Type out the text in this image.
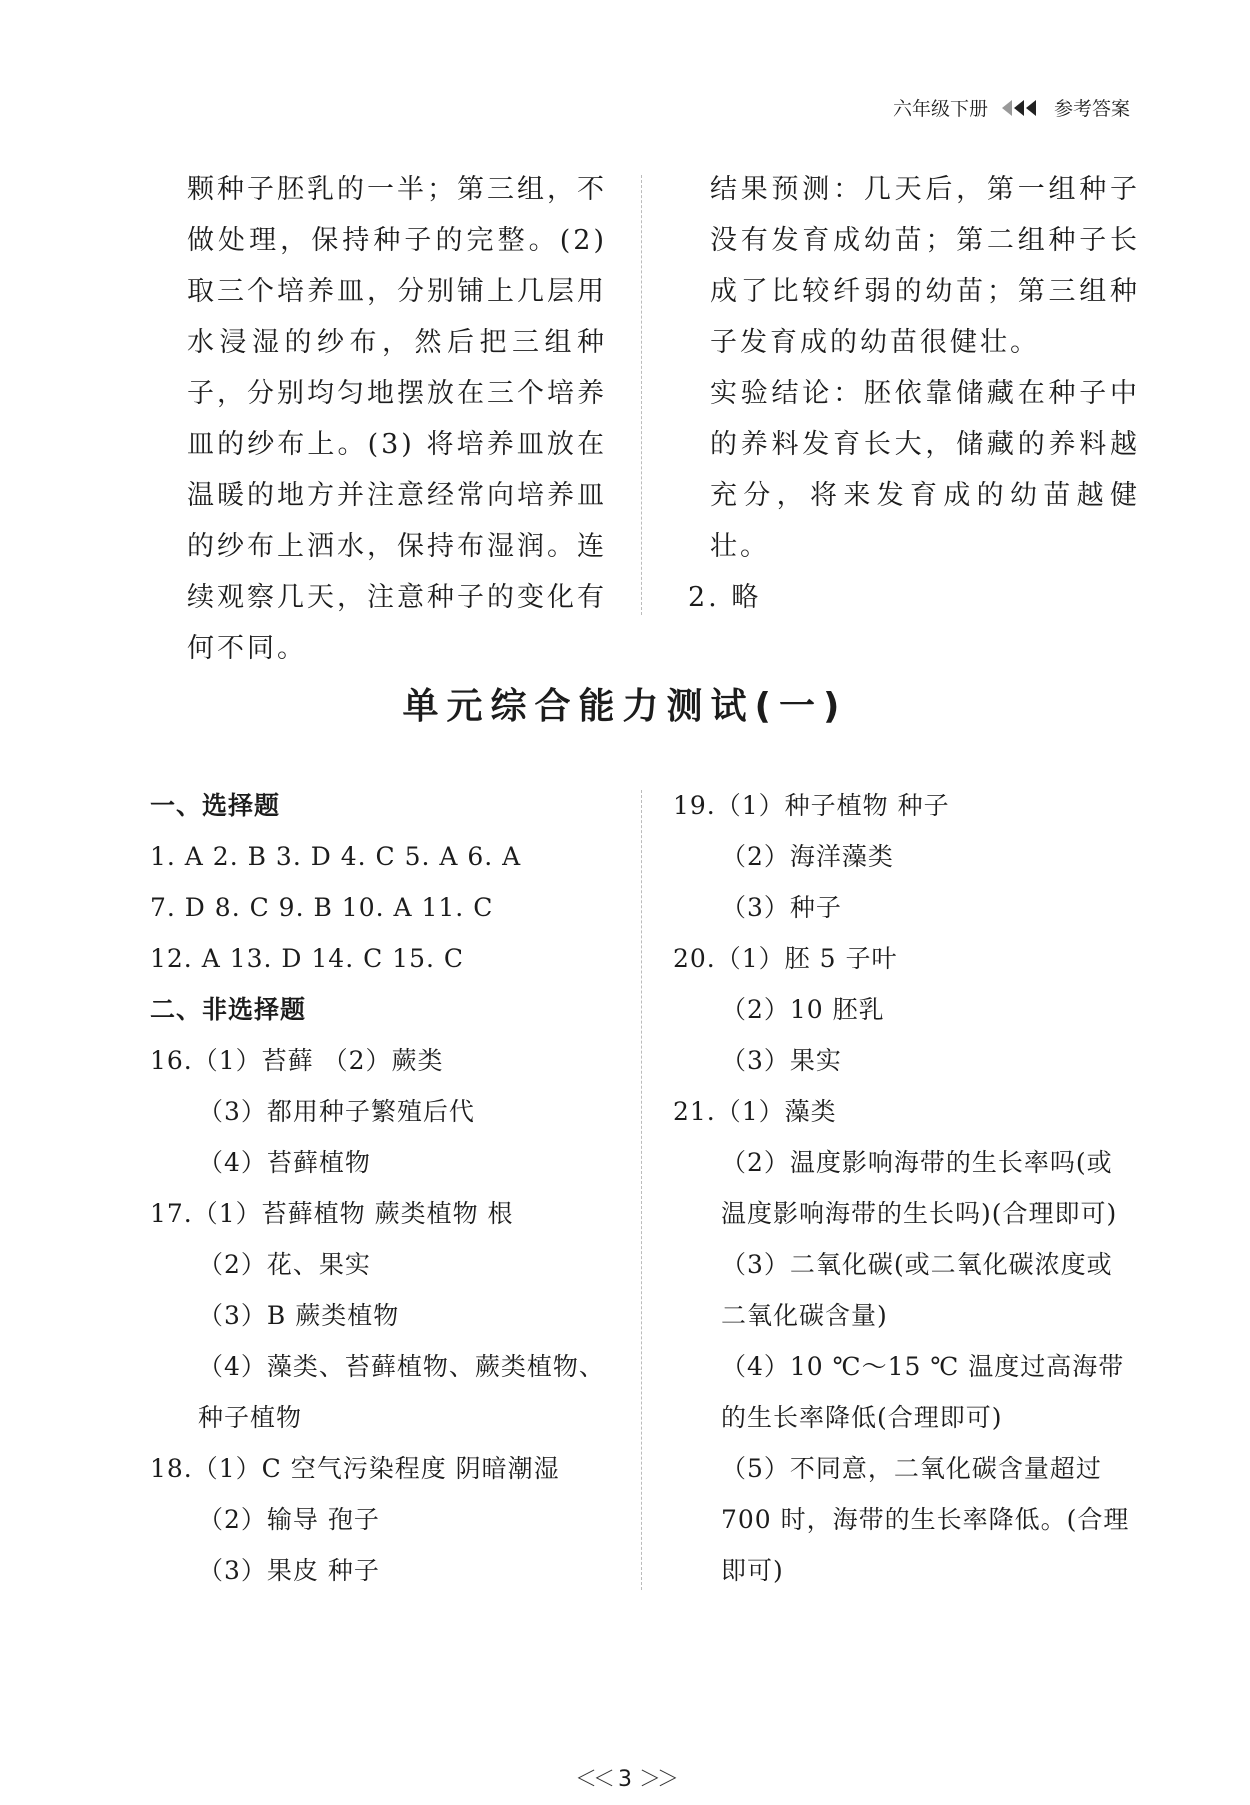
六年级下册	参考答案

颗种子胚乳的一半；第三组，不做处理，保持种子的完整。(2) 取三个培养皿，分别铺上几层用水浸湿的纱布，然后把三组种子，分别均匀地摆放在三个培养皿的纱布上。(3) 将培养皿放在温暖的地方并注意经常向培养皿的纱布上洒水，保持布湿润。连续观察几天，注意种子的变化有何不同。

结果预测：几天后，第一组种子没有发育成幼苗；第二组种子长成了比较纤弱的幼苗；第三组种子发育成的幼苗很健壮。

实验结论：胚依靠储藏在种子中的养料发育长大，储藏的养料越充分，将来发育成的幼苗越健壮。

2. 略

单元综合能力测试(一)
一、选择题
1. A 2. B 3. D 4. C 5. A 6. A
7. D 8. C 9. B 10. A 11. C
12. A 13. D 14. C 15. C
二、非选择题
16.（1）苔藓 （2）蕨类
（3）都用种子繁殖后代
（4）苔藓植物
17.（1）苔藓植物 蕨类植物 根
（2）花、果实
（3）B 蕨类植物
（4）藻类、苔藓植物、蕨类植物、种子植物
18.（1）C 空气污染程度 阴暗潮湿
（2）输导 孢子
（3）果皮 种子
19.（1）种子植物 种子
（2）海洋藻类
（3）种子
20.（1）胚 5 子叶
（2）10 胚乳
（3）果实
21.（1）藻类
（2）温度影响海带的生长率吗(或温度影响海带的生长吗)(合理即可)
（3）二氧化碳(或二氧化碳浓度或二氧化碳含量)
（4）10 ℃～15 ℃ 温度过高海带的生长率降低(合理即可)
（5）不同意，二氧化碳含量超过 700 时，海带的生长率降低。(合理即可)
＜＜ 3 ＞＞
